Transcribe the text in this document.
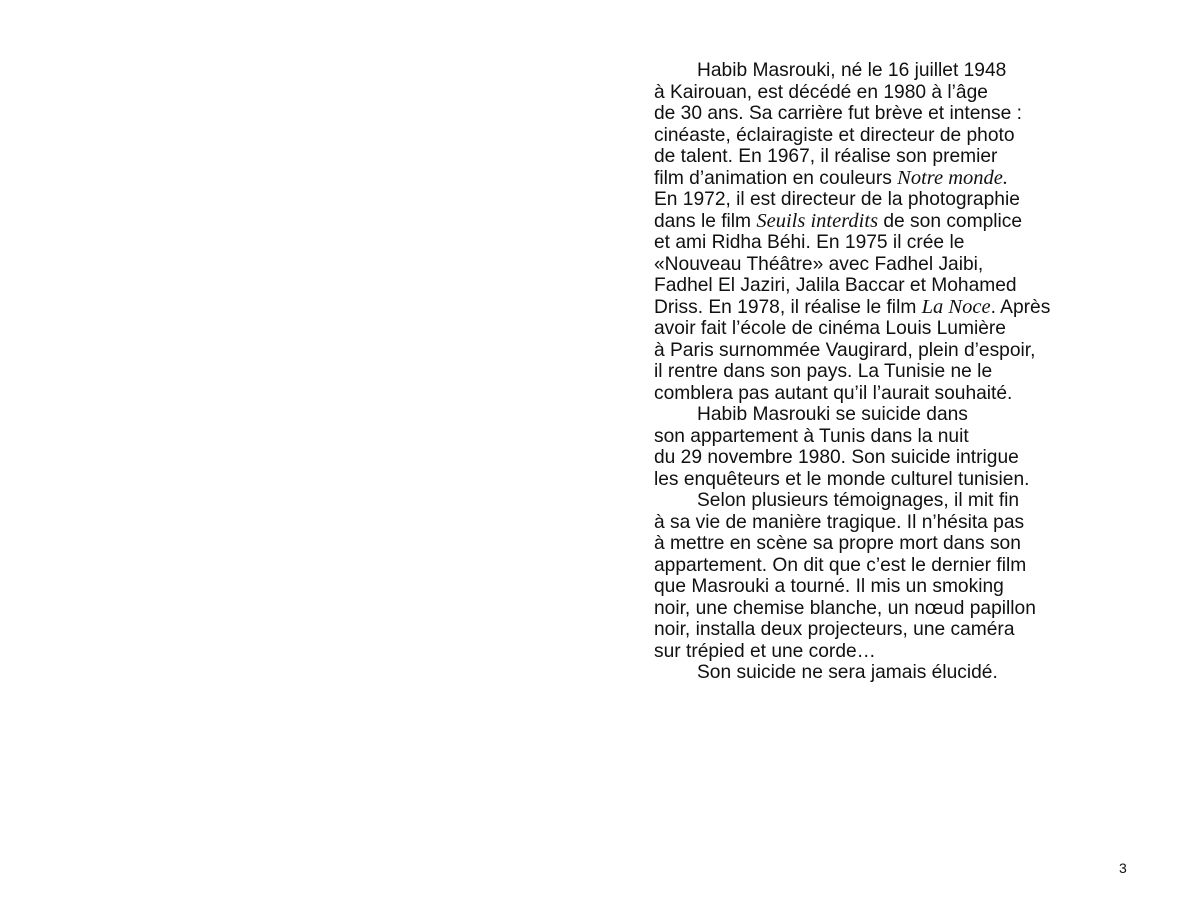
Habib Masrouki, né le 16 juillet 1948
à Kairouan, est décédé en 1980 à l’âge
de 30 ans. Sa carrière fut brève et intense :
cinéaste, éclairagiste et directeur de photo
de talent. En 1967, il réalise son premier
film d’animation en couleurs Notre monde.
En 1972, il est directeur de la photographie
dans le film Seuils interdits de son complice
et ami Ridha Béhi. En 1975 il crée le
«Nouveau Théâtre» avec Fadhel Jaibi,
Fadhel El Jaziri, Jalila Baccar et Mohamed
Driss. En 1978, il réalise le film La Noce. Après
avoir fait l’école de cinéma Louis Lumière
à Paris surnommée Vaugirard, plein d’espoir,
il rentre dans son pays. La Tunisie ne le
comblera pas autant qu’il l’aurait souhaité.
Habib Masrouki se suicide dans
son appartement à Tunis dans la nuit
du 29 novembre 1980. Son suicide intrigue
les enquêteurs et le monde culturel tunisien.
Selon plusieurs témoignages, il mit fin
à sa vie de manière tragique. Il n’hésita pas
à mettre en scène sa propre mort dans son
appartement. On dit que c’est le dernier film
que Masrouki a tourné. Il mis un smoking
noir, une chemise blanche, un nœud papillon
noir, installa deux projecteurs, une caméra
sur trépied et une corde…
Son suicide ne sera jamais élucidé.
3
